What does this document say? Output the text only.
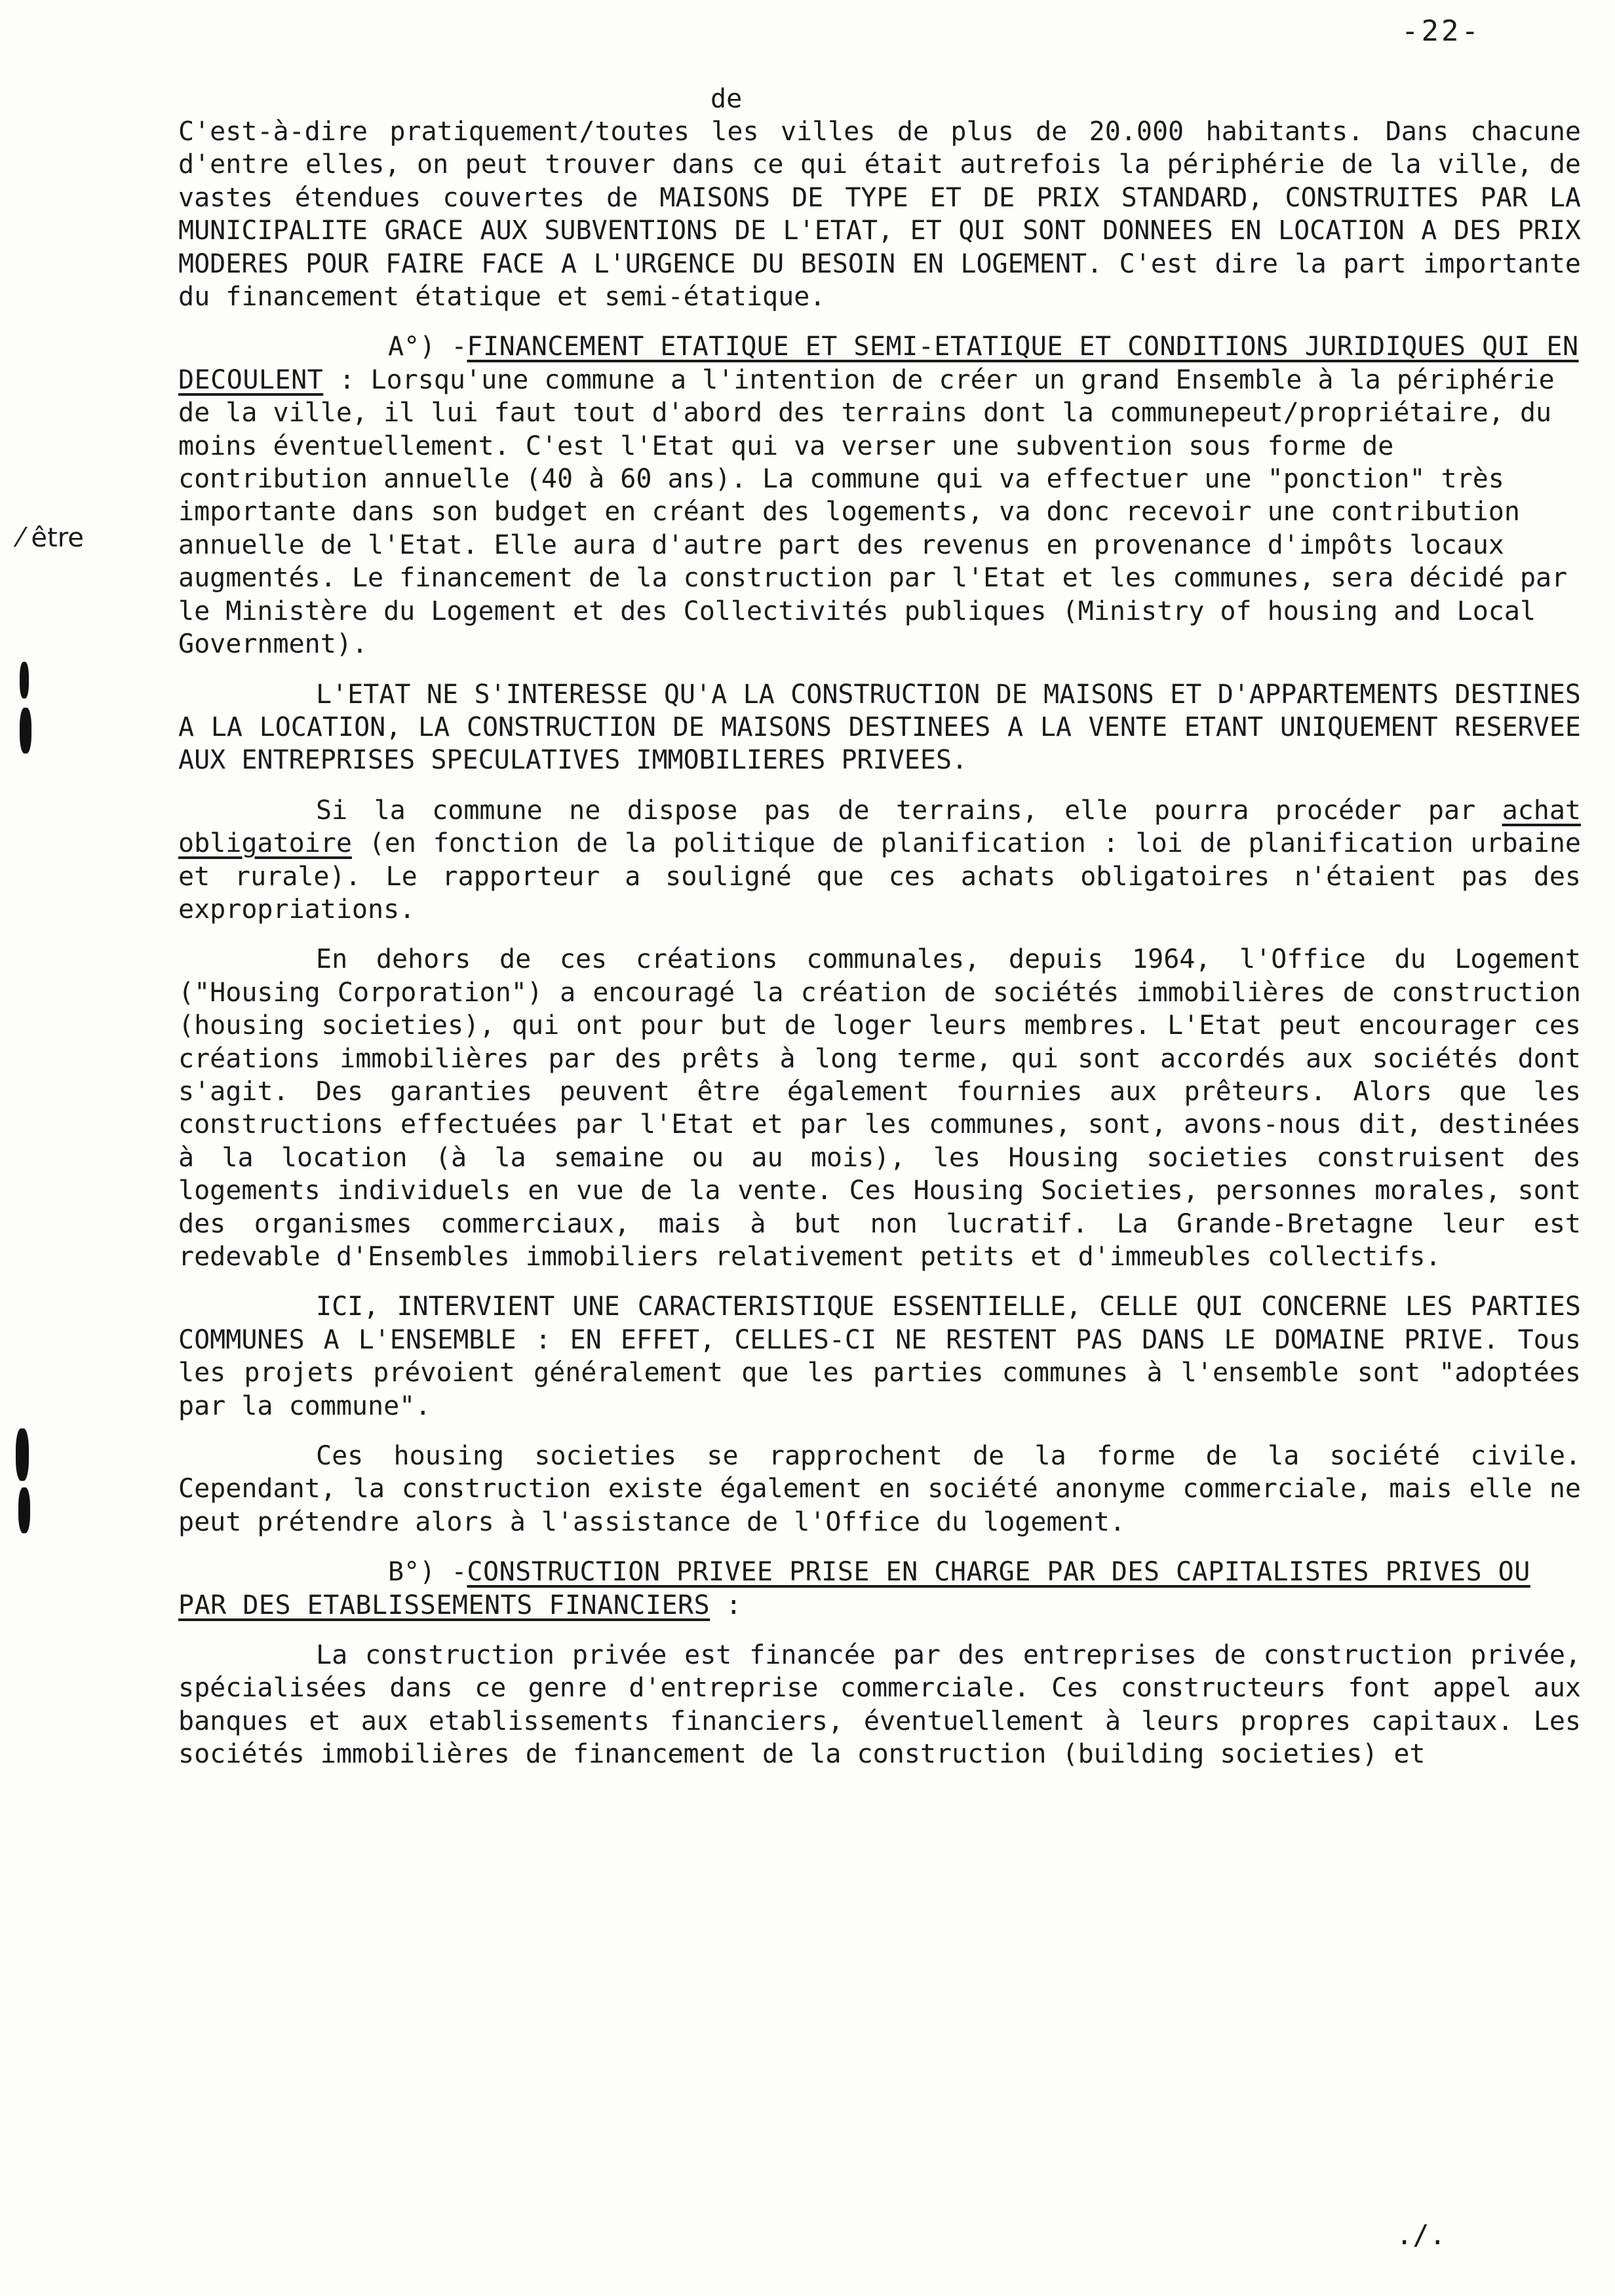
-22-
de
⁄ être

C'est-à-dire pratiquement/toutes les villes de plus de 20.000 habitants. Dans chacune d'entre elles, on peut trouver dans ce qui était autrefois la périphérie de la ville, de vastes étendues couvertes de MAISONS DE TYPE ET DE PRIX STANDARD, CONSTRUITES PAR LA MUNICIPALITE GRACE AUX SUBVENTIONS DE L'ETAT, ET QUI SONT DONNEES EN LOCATION A DES PRIX MODERES POUR FAIRE FACE A L'URGENCE DU BESOIN EN LOGEMENT. C'est dire la part importante du financement étatique et semi-étatique.

A°) -FINANCEMENT ETATIQUE ET SEMI-ETATIQUE ET CONDITIONS JURIDIQUES QUI EN DECOULENT : Lorsqu'une commune a l'intention de créer un grand Ensemble à la périphérie de la ville, il lui faut tout d'abord des terrains dont la communepeut/propriétaire, du moins éventuellement. C'est l'Etat qui va verser une subvention sous forme de contribution annuelle (40 à 60 ans). La commune qui va effectuer une "ponction" très importante dans son budget en créant des logements, va donc recevoir une contribution annuelle de l'Etat. Elle aura d'autre part des revenus en provenance d'impôts locaux augmentés. Le financement de la construction par l'Etat et les communes, sera décidé par le Ministère du Logement et des Collectivités publiques (Ministry of housing and Local Government).

L'ETAT NE S'INTERESSE QU'A LA CONSTRUCTION DE MAISONS ET D'APPARTEMENTS DESTINES A LA LOCATION, LA CONSTRUCTION DE MAISONS DESTINEES A LA VENTE ETANT UNIQUEMENT RESERVEE AUX ENTREPRISES SPECULATIVES IMMOBILIERES PRIVEES.

Si la commune ne dispose pas de terrains, elle pourra procéder par achat obligatoire (en fonction de la politique de planification : loi de planification urbaine et rurale). Le rapporteur a souligné que ces achats obligatoires n'étaient pas des expropriations.

En dehors de ces créations communales, depuis 1964, l'Office du Logement ("Housing Corporation") a encouragé la création de sociétés immobilières de construction (housing societies), qui ont pour but de loger leurs membres. L'Etat peut encourager ces créations immobilières par des prêts à long terme, qui sont accordés aux sociétés dont s'agit. Des garanties peuvent être également fournies aux prêteurs. Alors que les constructions effectuées par l'Etat et par les communes, sont, avons-nous dit, destinées à la location (à la semaine ou au mois), les Housing societies construisent des logements individuels en vue de la vente. Ces Housing Societies, personnes morales, sont des organismes commerciaux, mais à but non lucratif. La Grande-Bretagne leur est redevable d'Ensembles immobiliers relativement petits et d'immeubles collectifs.

ICI, INTERVIENT UNE CARACTERISTIQUE ESSENTIELLE, CELLE QUI CONCERNE LES PARTIES COMMUNES A L'ENSEMBLE : EN EFFET, CELLES-CI NE RESTENT PAS DANS LE DOMAINE PRIVE. Tous les projets prévoient généralement que les parties communes à l'ensemble sont "adoptées par la commune".

Ces housing societies se rapprochent de la forme de la société civile. Cependant, la construction existe également en société anonyme commerciale, mais elle ne peut prétendre alors à l'assistance de l'Office du logement.

B°) -CONSTRUCTION PRIVEE PRISE EN CHARGE PAR DES CAPITALISTES PRIVES OU PAR DES ETABLISSEMENTS FINANCIERS :

La construction privée est financée par des entreprises de construction privée, spécialisées dans ce genre d'entreprise commerciale. Ces constructeurs font appel aux banques et aux etablissements financiers, éventuellement à leurs propres capitaux. Les sociétés immobilières de financement de la construction (building societies) et

./.
